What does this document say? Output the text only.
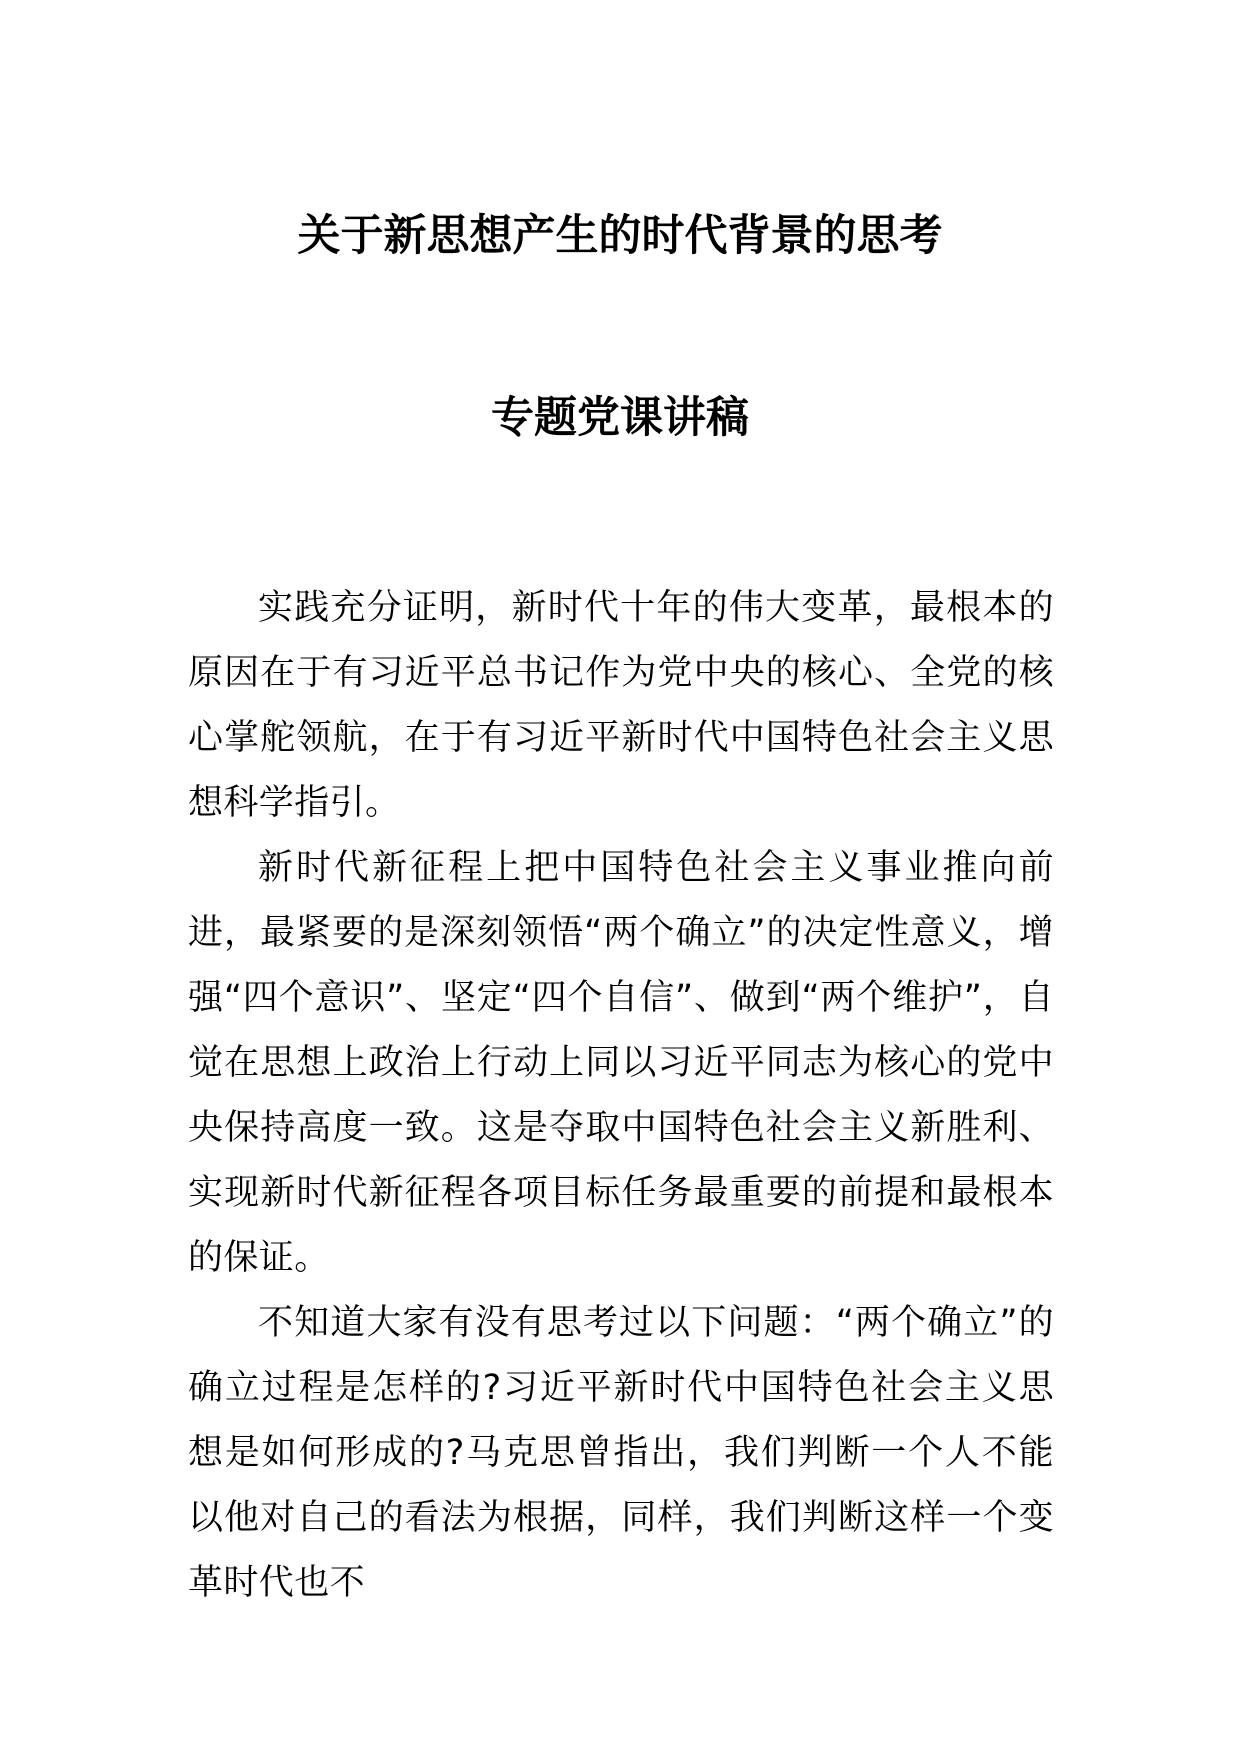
关于新思想产生的时代背景的思考
专题党课讲稿

实践充分证明，新时代十年的伟大变革，最根本的原因在于有习近平总书记作为党中央的核心、全党的核心掌舵领航，在于有习近平新时代中国特色社会主义思想科学指引。

新时代新征程上把中国特色社会主义事业推向前进，最紧要的是深刻领悟“两个确立”的决定性意义，增强“四个意识”、坚定“四个自信”、做到“两个维护”，自觉在思想上政治上行动上同以习近平同志为核心的党中央保持高度一致。这是夺取中国特色社会主义新胜利、实现新时代新征程各项目标任务最重要的前提和最根本的保证。

不知道大家有没有思考过以下问题：“两个确立”的确立过程是怎样的?习近平新时代中国特色社会主义思想是如何形成的?马克思曾指出，我们判断一个人不能以他对自己的看法为根据，同样，我们判断这样一个变革时代也不
